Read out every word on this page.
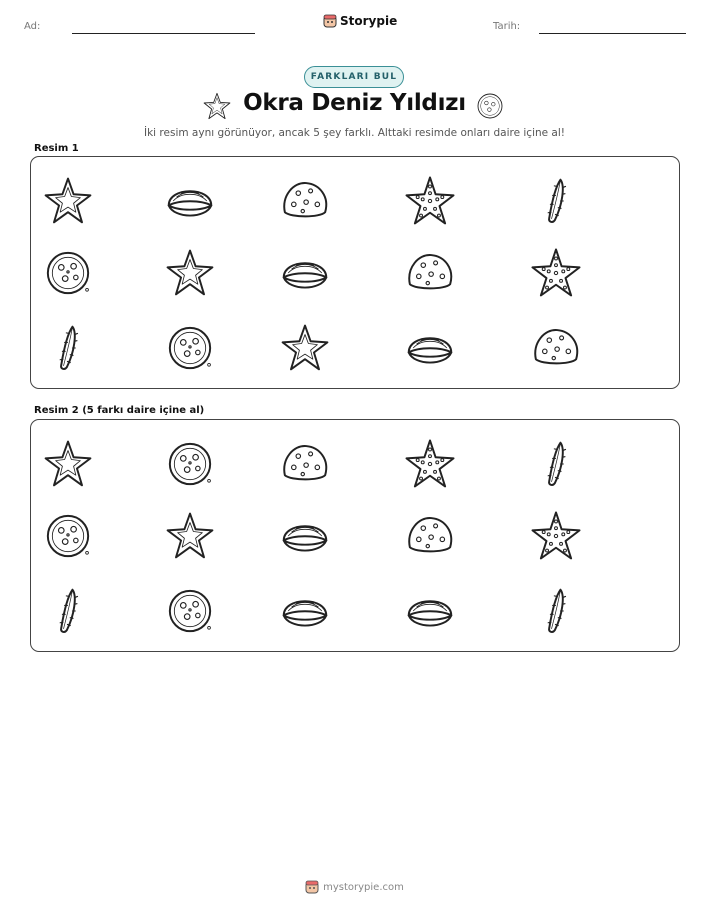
Ad:	Storypie	Tarih:
FARKLARI BUL
Okra Deniz Yıldızı
İki resim aynı görünüyor, ancak 5 şey farklı. Alttaki resimde onları daire içine al!
Resim 1
Resim 2 (5 farkı daire içine al)
mystorypie.com
